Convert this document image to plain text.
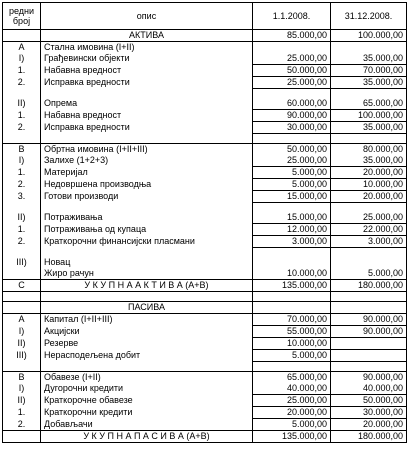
редни број	опис	1.1.2008.	31.12.2008.
	АКТИВА	85.000,00	100.000,00
А	Стална имовина (I+II)		
I)	Грађевински објекти	25.000,00	35.000,00
1.	Набавна вредност	50.000,00	70.000,00
2.	Исправка вредности	25.000,00	35.000,00

II)	Опрема	60.000,00	65.000,00
1.	Набавна вредност	90.000,00	100.000,00
2.	Исправка вредности	30.000,00	35.000,00

В	Обртна имовина (I+II+III)	50.000,00	80.000,00
I)	Залихе (1+2+3)	25.000,00	35.000,00
1.	Материјал	5.000,00	20.000,00
2.	Недовршена производња	5.000,00	10.000,00
3.	Готови производи	15.000,00	20.000,00

II)	Потраживања	15.000,00	25.000,00
1.	Потраживања од купаца	12.000,00	22.000,00
2.	Краткорочни финансијски пласмани	3.000,00	3.000,00

III)	Новац		
	Жиро рачун	10.000,00	5.000,00
С	У К У П Н А А К Т И В А (А+В)	135.000,00	180.000,00

	ПАСИВА		
А	Капитал (I+II+III)	70.000,00	90.000,00
I)	Акцијски	55.000,00	90.000,00
II)	Резерве	10.000,00	
III)	Нерасподељена добит	5.000,00	

В	Обавезе (I+II)	65.000,00	90.000,00
I)	Дугорочни кредити	40.000,00	40.000,00
II)	Краткорочне обавезе	25.000,00	50.000,00
1.	Краткорочни кредити	20.000,00	30.000,00
2.	Добављачи	5.000,00	20.000,00
	У К У П Н А П А С И В А (А+В)	135.000,00	180.000,00
